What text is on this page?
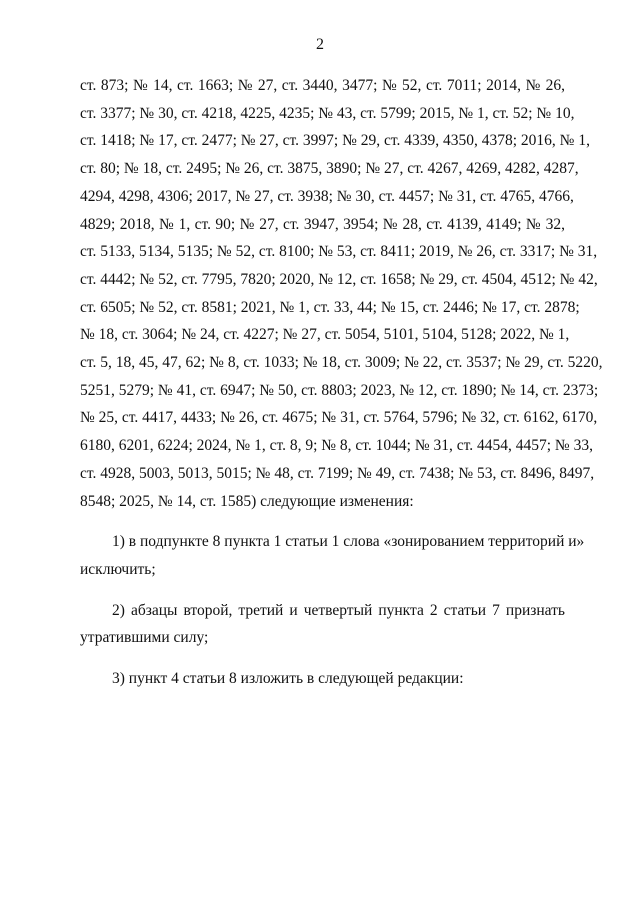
2
ст. 873; № 14, ст. 1663; № 27, ст. 3440, 3477; № 52, ст. 7011; 2014, № 26,
ст. 3377; № 30, ст. 4218, 4225, 4235; № 43, ст. 5799; 2015, № 1, ст. 52; № 10,
ст. 1418; № 17, ст. 2477; № 27, ст. 3997; № 29, ст. 4339, 4350, 4378; 2016, № 1,
ст. 80; № 18, ст. 2495; № 26, ст. 3875, 3890; № 27, ст. 4267, 4269, 4282, 4287,
4294, 4298, 4306; 2017, № 27, ст. 3938; № 30, ст. 4457; № 31, ст. 4765, 4766,
4829; 2018, № 1, ст. 90; № 27, ст. 3947, 3954; № 28, ст. 4139, 4149; № 32,
ст. 5133, 5134, 5135; № 52, ст. 8100; № 53, ст. 8411; 2019, № 26, ст. 3317; № 31,
ст. 4442; № 52, ст. 7795, 7820; 2020, № 12, ст. 1658; № 29, ст. 4504, 4512; № 42,
ст. 6505; № 52, ст. 8581; 2021, № 1, ст. 33, 44; № 15, ст. 2446; № 17, ст. 2878;
№ 18, ст. 3064; № 24, ст. 4227; № 27, ст. 5054, 5101, 5104, 5128; 2022, № 1,
ст. 5, 18, 45, 47, 62; № 8, ст. 1033; № 18, ст. 3009; № 22, ст. 3537; № 29, ст. 5220,
5251, 5279; № 41, ст. 6947; № 50, ст. 8803; 2023, № 12, ст. 1890; № 14, ст. 2373;
№ 25, ст. 4417, 4433; № 26, ст. 4675; № 31, ст. 5764, 5796; № 32, ст. 6162, 6170,
6180, 6201, 6224; 2024, № 1, ст. 8, 9; № 8, ст. 1044; № 31, ст. 4454, 4457; № 33,
ст. 4928, 5003, 5013, 5015; № 48, ст. 7199; № 49, ст. 7438; № 53, ст. 8496, 8497,
8548; 2025, № 14, ст. 1585) следующие изменения:
1) в подпункте 8 пункта 1 статьи 1 слова «зонированием территорий и»
исключить;
2) абзацы второй, третий и четвертый пункта 2 статьи 7 признать
утратившими силу;
3) пункт 4 статьи 8 изложить в следующей редакции:
